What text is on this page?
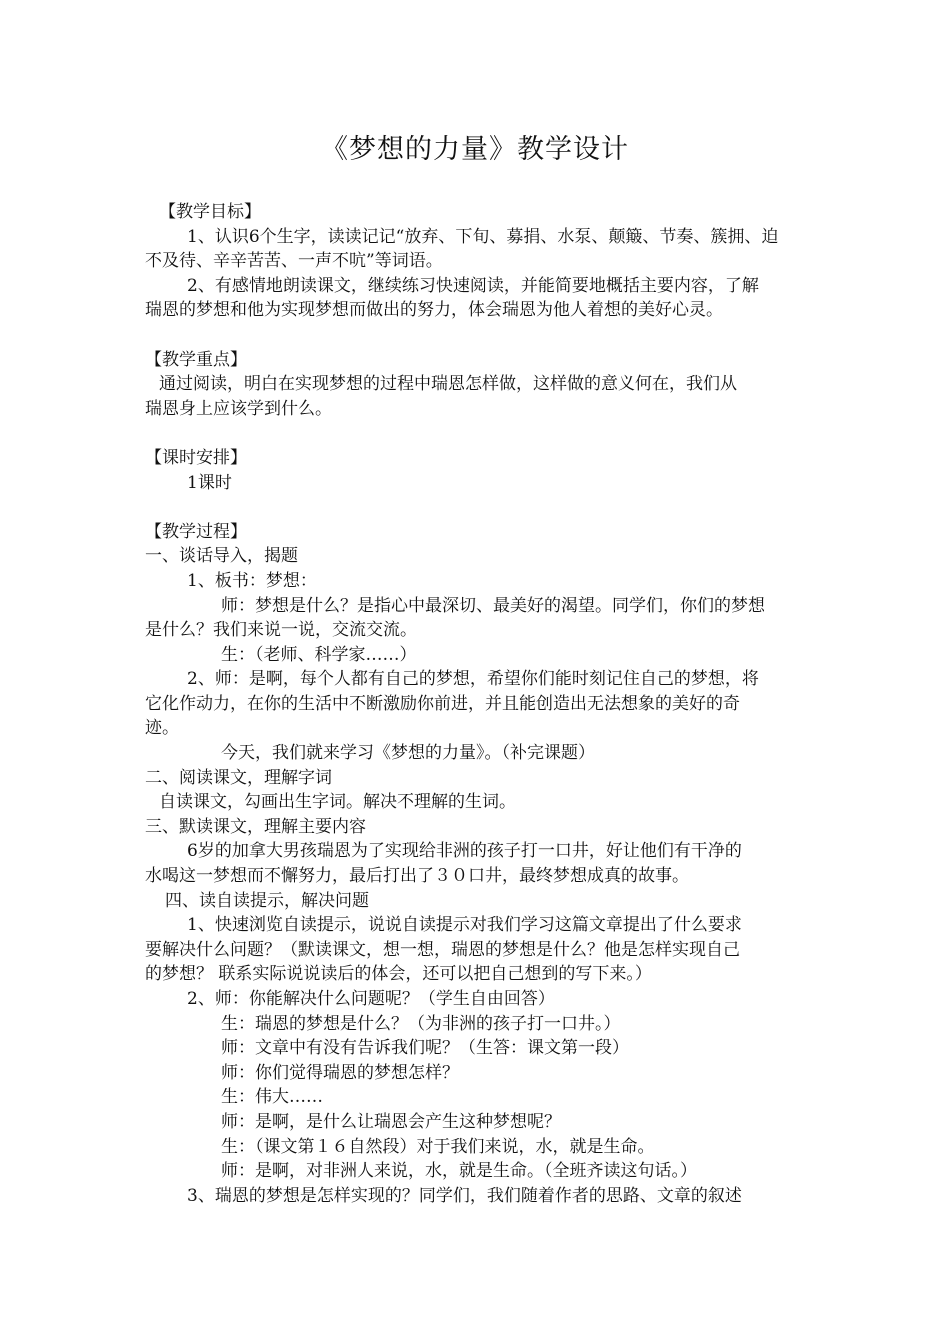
《梦想的力量》教学设计
【教学目标】
1、认识6个生字，读读记记“放弃、下旬、募捐、水泵、颠簸、节奏、簇拥、迫
不及待、辛辛苦苦、一声不吭”等词语。
2、有感情地朗读课文，继续练习快速阅读，并能简要地概括主要内容，了解
瑞恩的梦想和他为实现梦想而做出的努力，体会瑞恩为他人着想的美好心灵。
【教学重点】
通过阅读，明白在实现梦想的过程中瑞恩怎样做，这样做的意义何在，我们从
瑞恩身上应该学到什么。
【课时安排】
1课时
【教学过程】
一、谈话导入，揭题
1、板书：梦想：
师：梦想是什么？是指心中最深切、最美好的渴望。同学们，你们的梦想
是什么？我们来说一说，交流交流。
生：（老师、科学家……）
2、师：是啊，每个人都有自己的梦想，希望你们能时刻记住自己的梦想，将
它化作动力，在你的生活中不断激励你前进，并且能创造出无法想象的美好的奇
迹。
今天，我们就来学习《梦想的力量》。（补完课题）
二、阅读课文，理解字词
自读课文，勾画出生字词。解决不理解的生词。
三、默读课文，理解主要内容
6岁的加拿大男孩瑞恩为了实现给非洲的孩子打一口井，好让他们有干净的
水喝这一梦想而不懈努力，最后打出了３０口井，最终梦想成真的故事。
四、读自读提示，解决问题
1、快速浏览自读提示，说说自读提示对我们学习这篇文章提出了什么要求
要解决什么问题？（默读课文，想一想，瑞恩的梦想是什么？他是怎样实现自己
的梦想？ 联系实际说说读后的体会，还可以把自己想到的写下来。）
2、师：你能解决什么问题呢？（学生自由回答）
生：瑞恩的梦想是什么？（为非洲的孩子打一口井。）
师：文章中有没有告诉我们呢？（生答：课文第一段）
师：你们觉得瑞恩的梦想怎样？
生：伟大……
师：是啊，是什么让瑞恩会产生这种梦想呢？
生：（课文第１６自然段）对于我们来说，水，就是生命。
师：是啊，对非洲人来说，水，就是生命。（全班齐读这句话。）
3、瑞恩的梦想是怎样实现的？同学们，我们随着作者的思路、文章的叙述
